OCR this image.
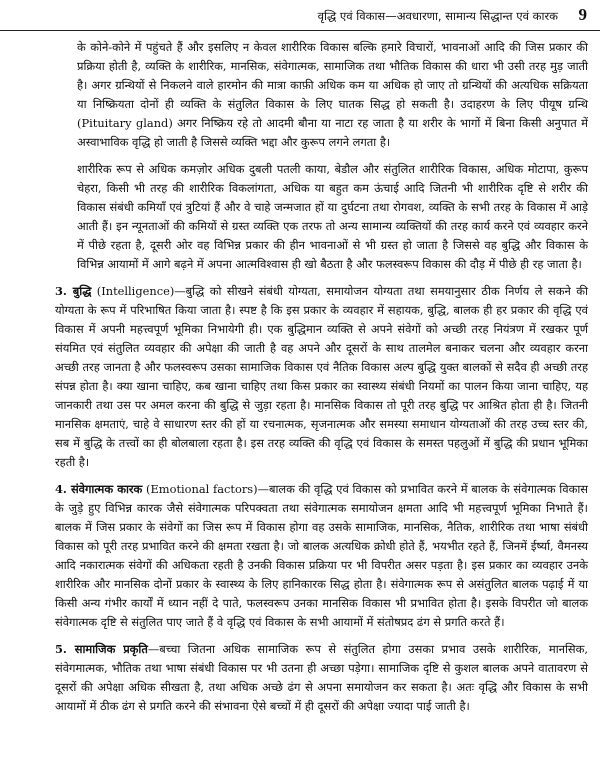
वृद्धि एवं विकास—अवधारणा, सामान्य सिद्धान्त एवं कारक 9

के कोने-कोने में पहुंचते हैं और इसलिए न केवल शारीरिक विकास बल्कि हमारे विचारों, भावनाओं आदि की जिस प्रकार की प्रक्रिया होती है, व्यक्ति के शारीरिक, मानसिक, संवेगात्मक, सामाजिक तथा भौतिक विकास की धारा भी उसी तरह मुड़ जाती है। अगर ग्रन्थियों से निकलने वाले हारमोन की मात्रा काफ़ी अधिक कम या अधिक हो जाए तो ग्रन्थियों की अत्यधिक सक्रियता या निष्क्रियता दोनों ही व्यक्ति के संतुलित विकास के लिए घातक सिद्ध हो सकती है। उदाहरण के लिए पीयूष ग्रन्थि (Pituitary gland) अगर निष्क्रिय रहे तो आदमी बौना या नाटा रह जाता है या शरीर के भागों में बिना किसी अनुपात में अस्वाभाविक वृद्धि हो जाती है जिससे व्यक्ति भद्दा और कुरूप लगने लगता है।

शारीरिक रूप से अधिक कमज़ोर अधिक दुबली पतली काया, बेडौल और संतुलित शारीरिक विकास, अधिक मोटापा, कुरूप चेहरा, किसी भी तरह की शारीरिक विकलांगता, अधिक या बहुत कम ऊंचाई आदि जितनी भी शारीरिक दृष्टि से शरीर की विकास संबंधी कमियाँ एवं त्रुटियां हैं और वे चाहे जन्मजात हों या दुर्घटना तथा रोगवश, व्यक्ति के सभी तरह के विकास में आड़े आती हैं। इन न्यूनताओं की कमियों से ग्रस्त व्यक्ति एक तरफ तो अन्य सामान्य व्यक्तियों की तरह कार्य करने एवं व्यवहार करने में पीछे रहता है, दूसरी ओर वह विभिन्न प्रकार की हीन भावनाओं से भी ग्रस्त हो जाता है जिससे वह बुद्धि और विकास के विभिन्न आयामों में आगे बढ़ने में अपना आत्मविश्वास ही खो बैठता है और फलस्वरूप विकास की दौड़ में पीछे ही रह जाता है।

3. बुद्धि (Intelligence)—बुद्धि को सीखने संबंधी योग्यता, समायोजन योग्यता तथा समयानुसार ठीक निर्णय ले सकने की योग्यता के रूप में परिभाषित किया जाता है। स्पष्ट है कि इस प्रकार के व्यवहार में सहायक, बुद्धि, बालक ही हर प्रकार की वृद्धि एवं विकास में अपनी महत्त्वपूर्ण भूमिका निभायेगी ही। एक बुद्धिमान व्यक्ति से अपने संवेगों को अच्छी तरह नियंत्रण में रखकर पूर्ण संयमित एवं संतुलित व्यवहार की अपेक्षा की जाती है वह अपने और दूसरों के साथ तालमेल बनाकर चलना और व्यवहार करना अच्छी तरह जानता है और फलस्वरूप उसका सामाजिक विकास एवं नैतिक विकास अल्प बुद्धि युक्त बालकों से सदैव ही अच्छी तरह संपन्न होता है। क्या खाना चाहिए, कब खाना चाहिए तथा किस प्रकार का स्वास्थ्य संबंधी नियमों का पालन किया जाना चाहिए, यह जानकारी तथा उस पर अमल करना की बुद्धि से जुड़ा रहता है। मानसिक विकास तो पूरी तरह बुद्धि पर आश्रित होता ही है। जितनी मानसिक क्षमताएं, चाहे वे साधारण स्तर की हों या रचनात्मक, सृजनात्मक और समस्या समाधान योग्यताओं की तरह उच्च स्तर की, सब में बुद्धि के तत्त्वों का ही बोलबाला रहता है। इस तरह व्यक्ति की वृद्धि एवं विकास के समस्त पहलुओं में बुद्धि की प्रधान भूमिका रहती है।

4. संवेगात्मक कारक (Emotional factors)—बालक की वृद्धि एवं विकास को प्रभावित करने में बालक के संवेगात्मक विकास के जुड़े हुए विभिन्न कारक जैसे संवेगात्मक परिपक्वता तथा संवेगात्मक समायोजन क्षमता आदि भी महत्त्वपूर्ण भूमिका निभाते हैं। बालक में जिस प्रकार के संवेगों का जिस रूप में विकास होगा वह उसके सामाजिक, मानसिक, नैतिक, शारीरिक तथा भाषा संबंधी विकास को पूरी तरह प्रभावित करने की क्षमता रखता है। जो बालक अत्यधिक क्रोधी होते हैं, भयभीत रहते हैं, जिनमें ईर्ष्या, वैमनस्य आदि नकारात्मक संवेगों की अधिकता रहती है उनकी विकास प्रक्रिया पर भी विपरीत असर पड़ता है। इस प्रकार का व्यवहार उनके शारीरिक और मानसिक दोनों प्रकार के स्वास्थ्य के लिए हानिकारक सिद्ध होता है। संवेगात्मक रूप से असंतुलित बालक पढ़ाई में या किसी अन्य गंभीर कार्यों में ध्यान नहीं दे पाते, फलस्वरूप उनका मानसिक विकास भी प्रभावित होता है। इसके विपरीत जो बालक संवेगात्मक दृष्टि से संतुलित पाए जाते हैं वे वृद्धि एवं विकास के सभी आयामों में संतोषप्रद ढंग से प्रगति करते हैं।

5. सामाजिक प्रकृति—बच्चा जितना अधिक सामाजिक रूप से संतुलित होगा उसका प्रभाव उसके शारीरिक, मानसिक, संवेगमात्मक, भौतिक तथा भाषा संबंधी विकास पर भी उतना ही अच्छा पड़ेगा। सामाजिक दृष्टि से कुशल बालक अपने वातावरण से दूसरों की अपेक्षा अधिक सीखता है, तथा अधिक अच्छे ढंग से अपना समायोजन कर सकता है। अतः वृद्धि और विकास के सभी आयामों में ठीक ढंग से प्रगति करने की संभावना ऐसे बच्चों में ही दूसरों की अपेक्षा ज्यादा पाई जाती है।
